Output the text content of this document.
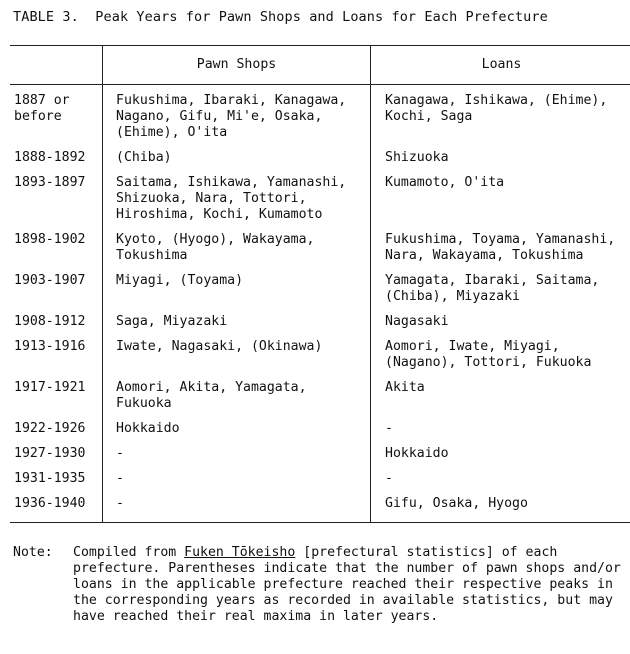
TABLE 3.  Peak Years for Pawn Shops and Loans for Each Prefecture
	Pawn Shops	Loans
1887 or before	Fukushima, Ibaraki, Kanagawa, Nagano, Gifu, Mi'e, Osaka, (Ehime), O'ita	Kanagawa, Ishikawa, (Ehime), Kochi, Saga
1888-1892	(Chiba)	Shizuoka
1893-1897	Saitama, Ishikawa, Yamanashi, Shizuoka, Nara, Tottori, Hiroshima, Kochi, Kumamoto	Kumamoto, O'ita
1898-1902	Kyoto, (Hyogo), Wakayama, Tokushima	Fukushima, Toyama, Yamanashi, Nara, Wakayama, Tokushima
1903-1907	Miyagi, (Toyama)	Yamagata, Ibaraki, Saitama, (Chiba), Miyazaki
1908-1912	Saga, Miyazaki	Nagasaki
1913-1916	Iwate, Nagasaki, (Okinawa)	Aomori, Iwate, Miyagi, (Nagano), Tottori, Fukuoka
1917-1921	Aomori, Akita, Yamagata, Fukuoka	Akita
1922-1926	Hokkaido	-
1927-1930	-	Hokkaido
1931-1935	-	-
1936-1940	-	Gifu, Osaka, Hyogo
Note:	Compiled from Fuken Tōkeisho [prefectural statistics] of each prefecture. Parentheses indicate that the number of pawn shops and/or loans in the applicable prefecture reached their respective peaks in the corresponding years as recorded in available statistics, but may have reached their real maxima in later years.
